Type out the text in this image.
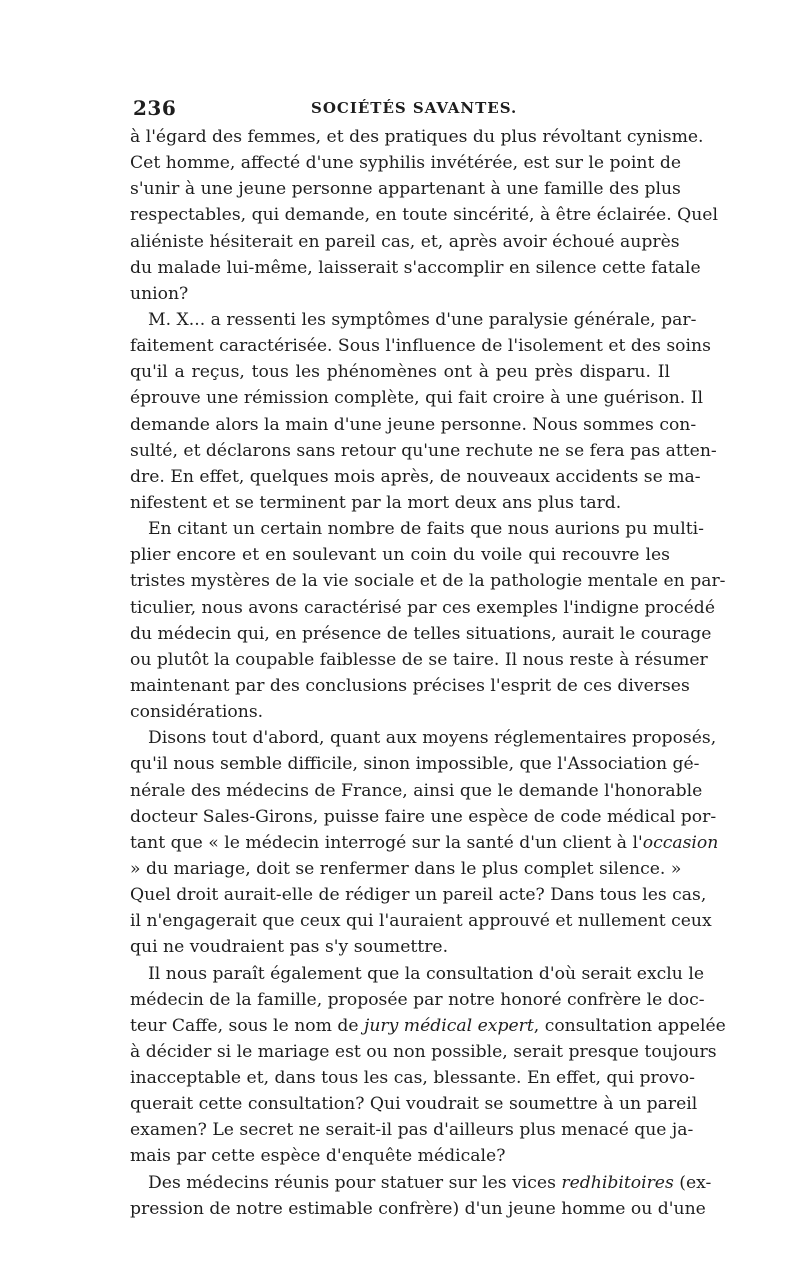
236	SOCIÉTÉS SAVANTES.
à l'égard des femmes, et des pratiques du plus révoltant cynisme.
Cet homme, affecté d'une syphilis invétérée, est sur le point de
s'unir à une jeune personne appartenant à une famille des plus
respectables, qui demande, en toute sincérité, à être éclairée. Quel
aliéniste hésiterait en pareil cas, et, après avoir échoué auprès
du malade lui-même, laisserait s'accomplir en silence cette fatale
union?
M. X... a ressenti les symptômes d'une paralysie générale, par-
faitement caractérisée. Sous l'influence de l'isolement et des soins
qu'il a reçus, tous les phénomènes ont à peu près disparu. Il
éprouve une rémission complète, qui fait croire à une guérison. Il
demande alors la main d'une jeune personne. Nous sommes con-
sulté, et déclarons sans retour qu'une rechute ne se fera pas atten-
dre. En effet, quelques mois après, de nouveaux accidents se ma-
nifestent et se terminent par la mort deux ans plus tard.
En citant un certain nombre de faits que nous aurions pu multi-
plier encore et en soulevant un coin du voile qui recouvre les
tristes mystères de la vie sociale et de la pathologie mentale en par-
ticulier, nous avons caractérisé par ces exemples l'indigne procédé
du médecin qui, en présence de telles situations, aurait le courage
ou plutôt la coupable faiblesse de se taire. Il nous reste à résumer
maintenant par des conclusions précises l'esprit de ces diverses
considérations.
Disons tout d'abord, quant aux moyens réglementaires proposés,
qu'il nous semble difficile, sinon impossible, que l'Association gé-
nérale des médecins de France, ainsi que le demande l'honorable
docteur Sales-Girons, puisse faire une espèce de code médical por-
tant que « le médecin interrogé sur la santé d'un client à l'occasion
» du mariage, doit se renfermer dans le plus complet silence. »
Quel droit aurait-elle de rédiger un pareil acte? Dans tous les cas,
il n'engagerait que ceux qui l'auraient approuvé et nullement ceux
qui ne voudraient pas s'y soumettre.
Il nous paraît également que la consultation d'où serait exclu le
médecin de la famille, proposée par notre honoré confrère le doc-
teur Caffe, sous le nom de jury médical expert, consultation appelée
à décider si le mariage est ou non possible, serait presque toujours
inacceptable et, dans tous les cas, blessante. En effet, qui provo-
querait cette consultation? Qui voudrait se soumettre à un pareil
examen? Le secret ne serait-il pas d'ailleurs plus menacé que ja-
mais par cette espèce d'enquête médicale?
Des médecins réunis pour statuer sur les vices redhibitoires (ex-
pression de notre estimable confrère) d'un jeune homme ou d'une
